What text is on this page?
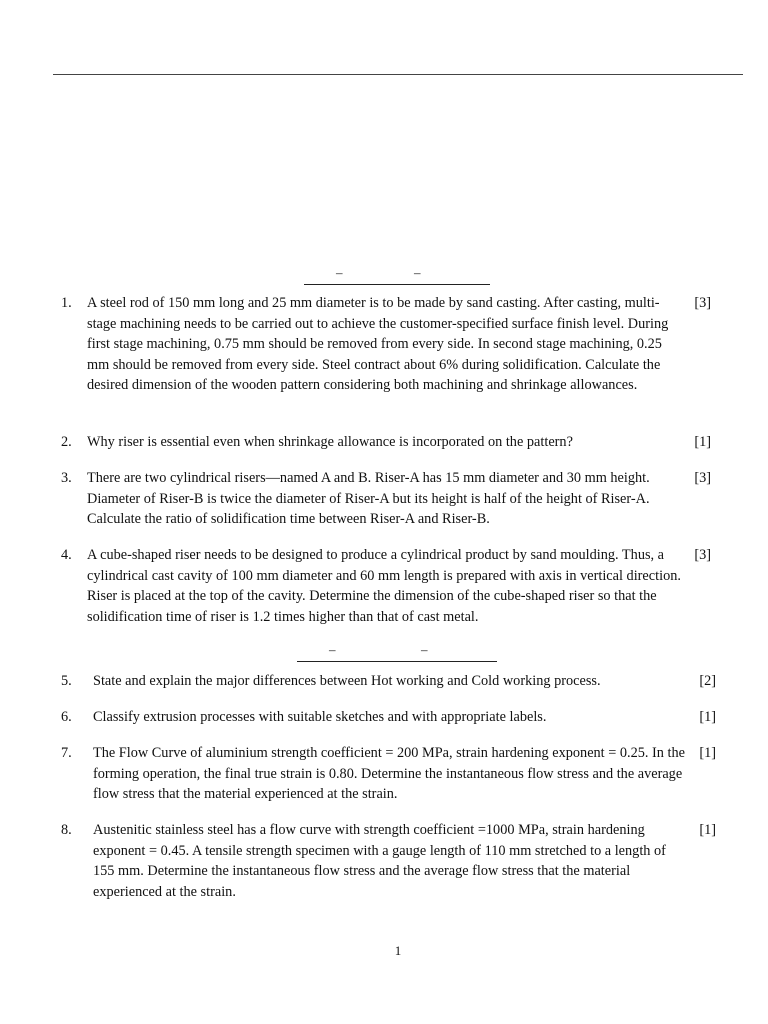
–	–
1. A steel rod of 150 mm long and 25 mm diameter is to be made by sand casting. After casting, multi-stage machining needs to be carried out to achieve the customer-specified surface finish level. During first stage machining, 0.75 mm should be removed from every side. In second stage machining, 0.25 mm should be removed from every side. Steel contract about 6% during solidification. Calculate the desired dimension of the wooden pattern considering both machining and shrinkage allowances.
[3]
2. Why riser is essential even when shrinkage allowance is incorporated on the pattern?	[1]
3. There are two cylindrical risers—named A and B. Riser-A has 15 mm diameter and 30 mm height. Diameter of Riser-B is twice the diameter of Riser-A but its height is half of the height of Riser-A. Calculate the ratio of solidification time between Riser-A and Riser-B.
[3]
4. A cube-shaped riser needs to be designed to produce a cylindrical product by sand moulding. Thus, a cylindrical cast cavity of 100 mm diameter and 60 mm length is prepared with axis in vertical direction. Riser is placed at the top of the cavity. Determine the dimension of the cube-shaped riser so that the solidification time of riser is 1.2 times higher than that of cast metal.
[3]
–	–
5. State and explain the major differences between Hot working and Cold working process.	[2]
6. Classify extrusion processes with suitable sketches and with appropriate labels.	[1]
7. The Flow Curve of aluminium strength coefficient = 200 MPa, strain hardening exponent = 0.25. In the forming operation, the final true strain is 0.80. Determine the instantaneous flow stress and the average flow stress that the material experienced at the strain.
[1]
8. Austenitic stainless steel has a flow curve with strength coefficient =1000 MPa, strain hardening exponent = 0.45. A tensile strength specimen with a gauge length of 110 mm stretched to a length of 155 mm. Determine the instantaneous flow stress and the average flow stress that the material experienced at the strain.
[1]
1
